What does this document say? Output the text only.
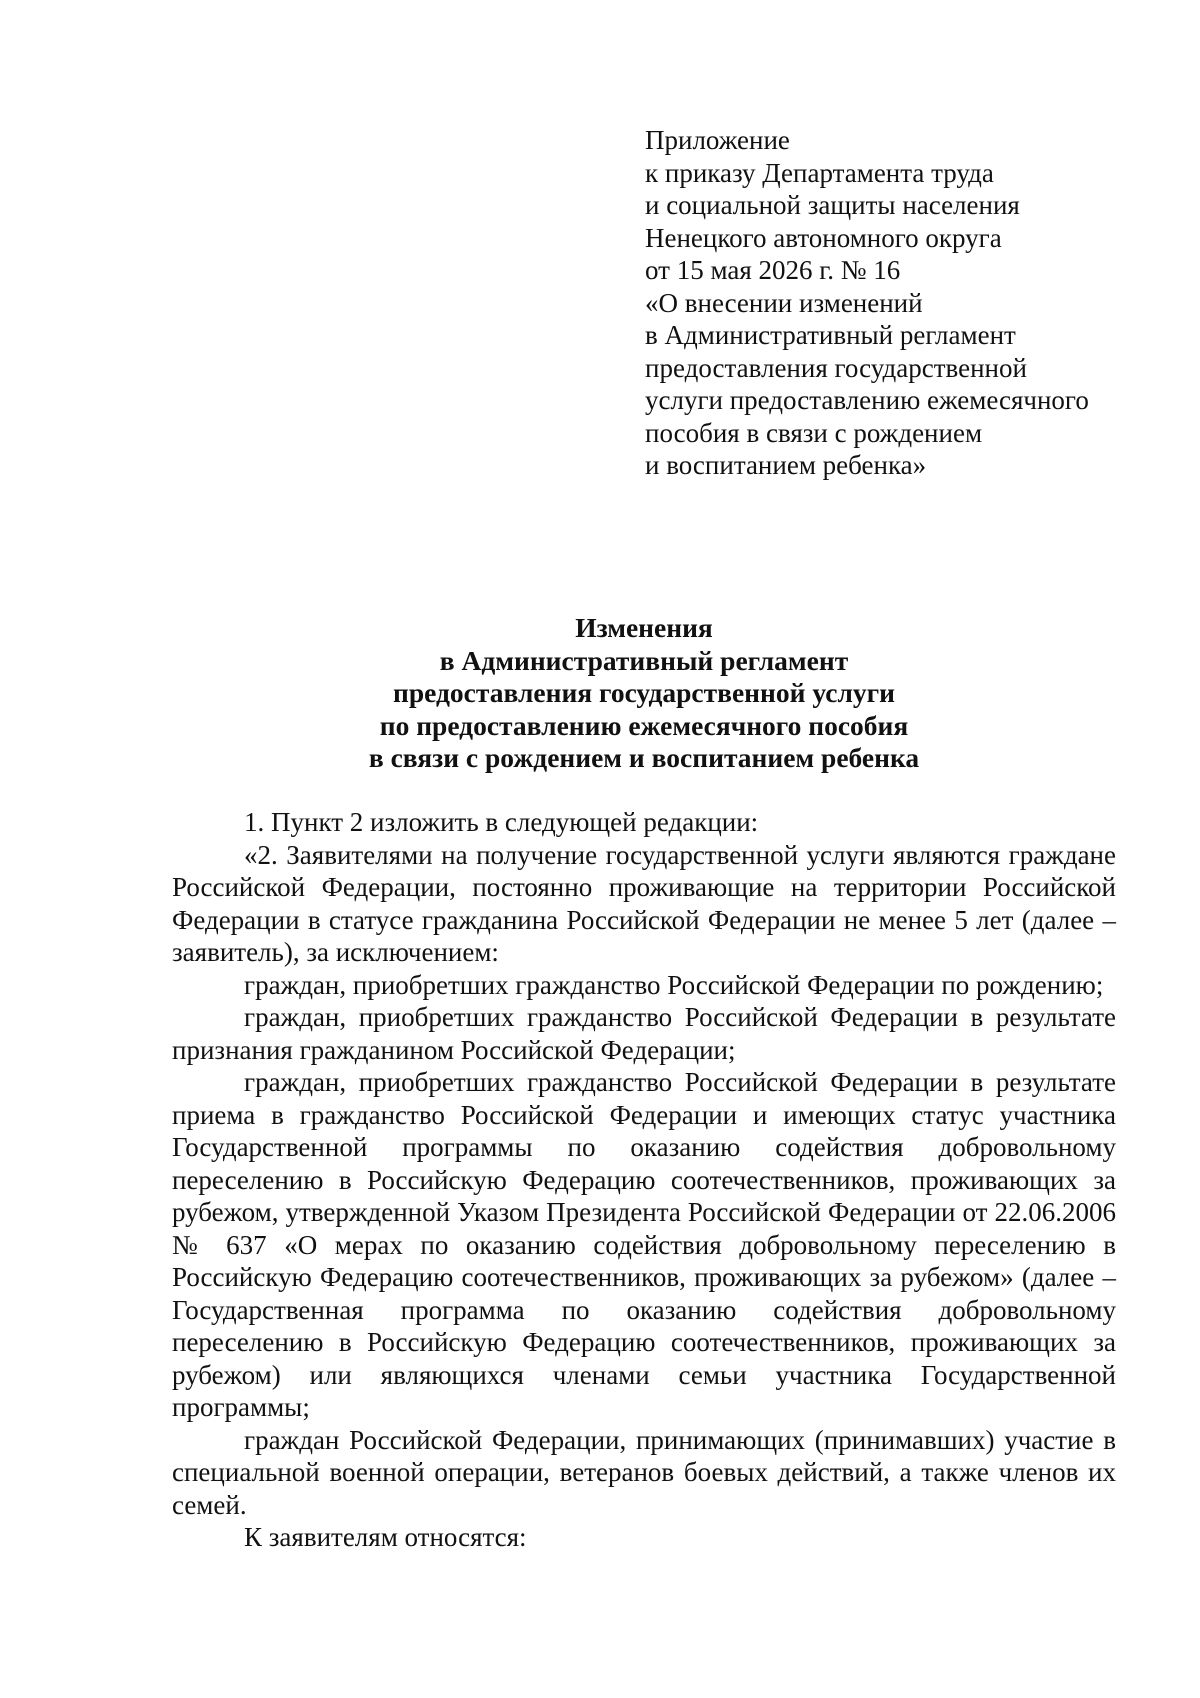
Приложение
к приказу Департамента труда
и социальной защиты населения
Ненецкого автономного округа
от 15 мая 2026 г. № 16
«О внесении изменений
в Административный регламент
предоставления государственной
услуги предоставлению ежемесячного
пособия в связи с рождением
и воспитанием ребенка»
Изменения
в Административный регламент
предоставления государственной услуги
по предоставлению ежемесячного пособия
в связи с рождением и воспитанием ребенка

1. Пункт 2 изложить в следующей редакции:

«2. Заявителями на получение государственной услуги являются граждане Российской Федерации, постоянно проживающие на территории Российской Федерации в статусе гражданина Российской Федерации не менее 5 лет (далее – заявитель), за исключением:

граждан, приобретших гражданство Российской Федерации по рождению;

граждан, приобретших гражданство Российской Федерации в результате признания гражданином Российской Федерации;

граждан, приобретших гражданство Российской Федерации в результате приема в гражданство Российской Федерации и имеющих статус участника Государственной программы по оказанию содействия добровольному переселению в Российскую Федерацию соотечественников, проживающих за рубежом, утвержденной Указом Президента Российской Федерации от 22.06.2006 № 637 «О мерах по оказанию содействия добровольному переселению в Российскую Федерацию соотечественников, проживающих за рубежом» (далее – Государственная программа по оказанию содействия добровольному переселению в Российскую Федерацию соотечественников, проживающих за рубежом) или являющихся членами семьи участника Государственной программы;

граждан Российской Федерации, принимающих (принимавших) участие в специальной военной операции, ветеранов боевых действий, а также членов их семей.

К заявителям относятся:
